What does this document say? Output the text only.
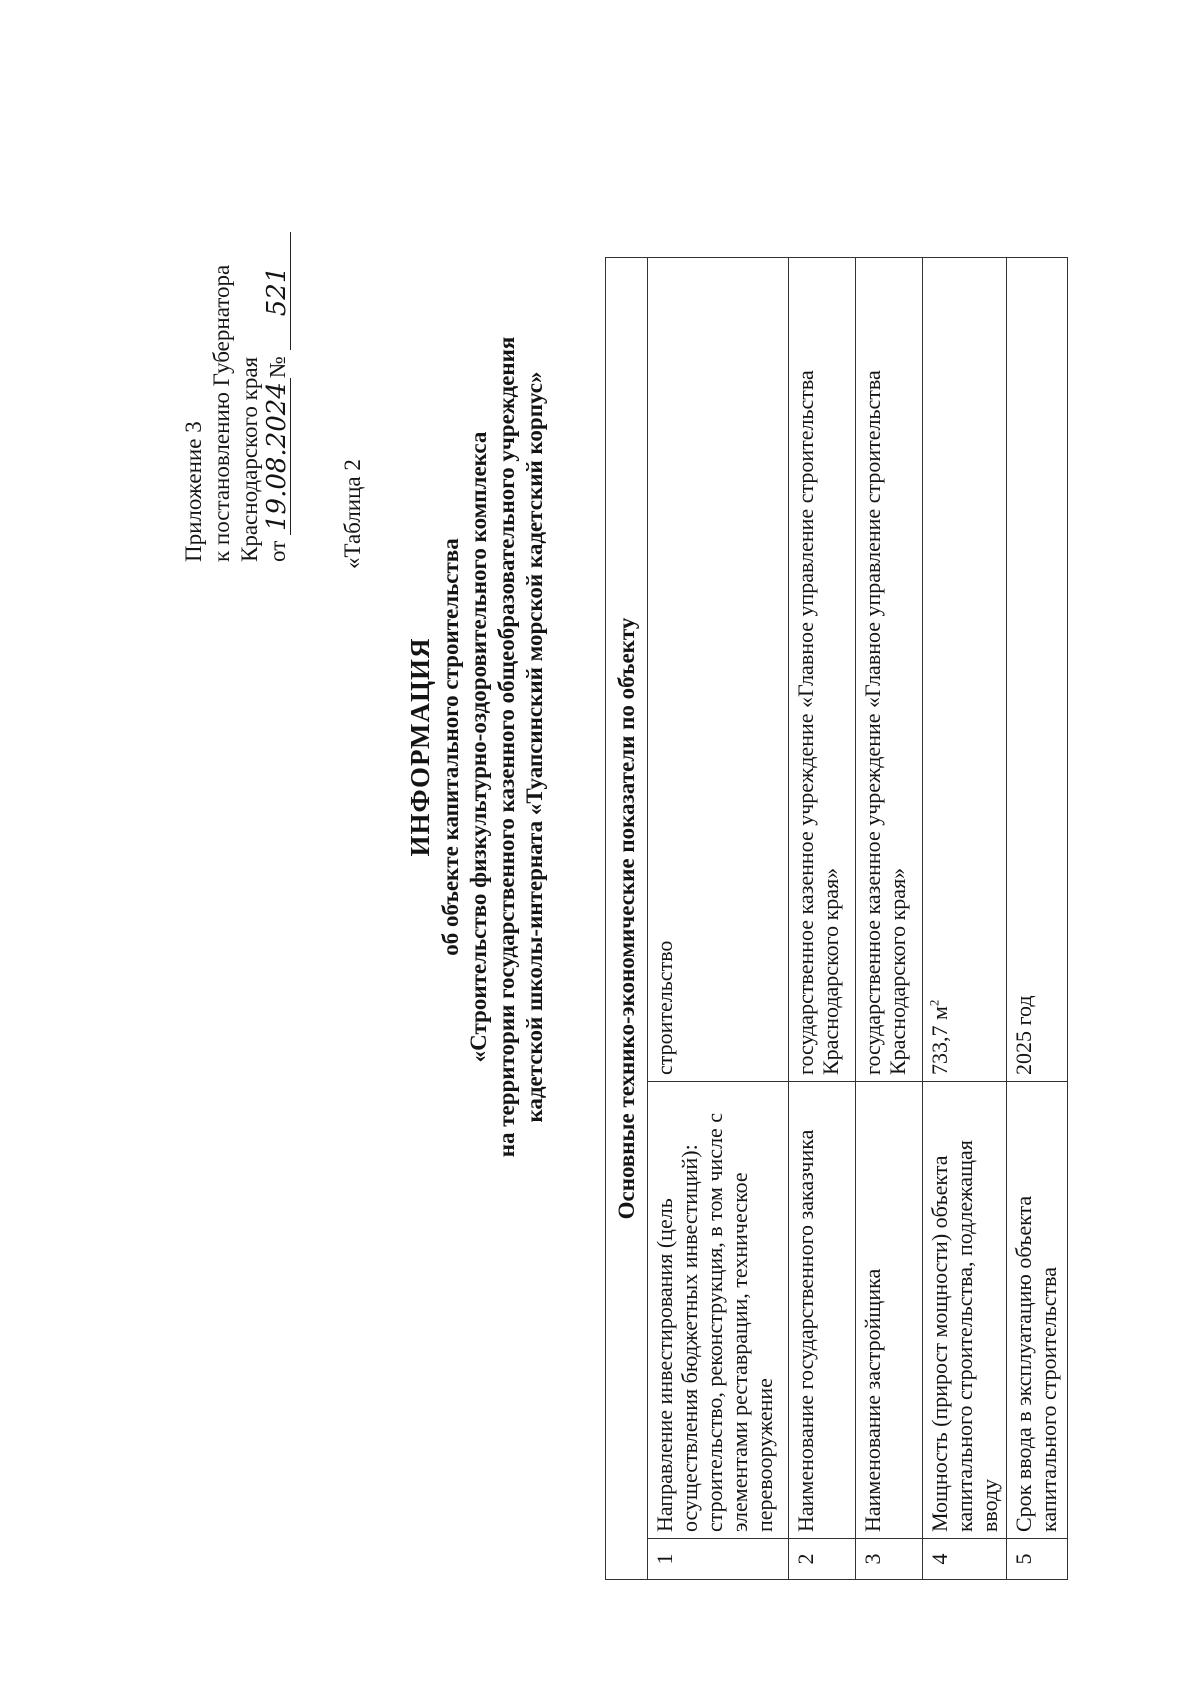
Приложение 3 к постановлению Губернатора Краснодарского края от 19.08.2024№ 521
«Таблица 2
ИНФОРМАЦИЯ об объекте капитального строительства «Строительство физкультурно-оздоровительного комплекса на территории государственного казенного общеобразовательного учреждения кадетской школы-интерната «Туапсинский морской кадетский корпус»	Основные технико-экономические показатели по объекту		
1	Направление инвестирования (цель осуществления бюджетных инвестиций): строительство, реконструкция, в том числе с элементами реставрации, техническое перевооружение	строительство
2	Наименование государственного заказчика	государственное казенное учреждение «Главное управление строительства Краснодарского края»
3	Наименование застройщика	государственное казенное учреждение «Главное управление строительства Краснодарского края»
4	Мощность (прирост мощности) объекта капитального строительства, подлежащая вводу	733,7 $м^2$
5	Срок ввода в эксплуатацию объекта капитального строительства	2025 год
